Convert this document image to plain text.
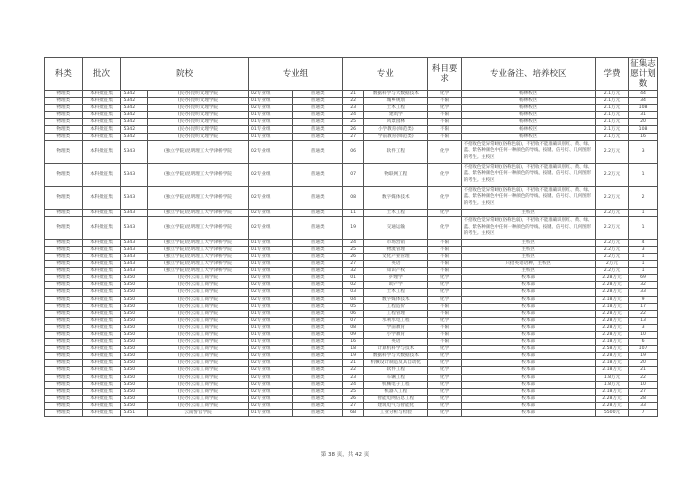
科类	批次	院校		专业组		专业		科目要求	专业备注、培养校区	学费	征集志愿计划数
物理类	本科批征集	5342	(民办)昆明文理学院	02专业组	普通类	21	数据科学与大数据技术	化学	杨林校区	2.1万元	44
物理类	本科批征集	5342	(民办)昆明文理学院	01专业组	普通类	22	城乡规划	不限	杨林校区	2.1万元	34
物理类	本科批征集	5342	(民办)昆明文理学院	02专业组	普通类	23	土木工程	化学	杨林校区	2.1万元	108
物理类	本科批征集	5342	(民办)昆明文理学院	01专业组	普通类	24	建筑学	不限	杨林校区	2.1万元	31
物理类	本科批征集	5342	(民办)昆明文理学院	01专业组	普通类	25	风景园林	不限	杨林校区	2.1万元	20
物理类	本科批征集	5342	(民办)昆明文理学院	01专业组	普通类	26	小学教育(师范类)	不限	杨林校区	2.1万元	108
物理类	本科批征集	5342	(民办)昆明文理学院	01专业组	普通类	27	学前教育(师范类)	不限	杨林校区	2.1万元	16
物理类	本科批征集	5343	(独立学院)昆明理工大学津桥学院	02专业组	普通类	06	软件工程	化学	不招收色觉异常Ⅱ度(俗称色弱)，不招收不能准确识别红、黄、绿、蓝、紫各种颜色中任何一种颜色的导线、按键、信号灯、几何图形的考生。主校区	2.2万元	3
物理类	本科批征集	5343	(独立学院)昆明理工大学津桥学院	02专业组	普通类	07	物联网工程	化学	不招收色觉异常Ⅱ度(俗称色弱)，不招收不能准确识别红、黄、绿、蓝、紫各种颜色中任何一种颜色的导线、按键、信号灯、几何图形的考生。主校区	2.2万元	1
物理类	本科批征集	5343	(独立学院)昆明理工大学津桥学院	02专业组	普通类	08	数字媒体技术	化学	不招收色觉异常Ⅱ度(俗称色弱)，不招收不能准确识别红、黄、绿、蓝、紫各种颜色中任何一种颜色的导线、按键、信号灯、几何图形的考生。主校区	2.2万元	2
物理类	本科批征集	5343	(独立学院)昆明理工大学津桥学院	02专业组	普通类	11	土木工程	化学	主校区	2.2万元	1
物理类	本科批征集	5343	(独立学院)昆明理工大学津桥学院	02专业组	普通类	19	交通运输	化学	不招收色觉异常Ⅱ度(俗称色弱)，不招收不能准确识别红、黄、绿、蓝、紫各种颜色中任何一种颜色的导线、按键、信号灯、几何图形的考生。主校区	2.2万元	1
物理类	本科批征集	5343	(独立学院)昆明理工大学津桥学院	01专业组	普通类	24	市场营销	不限	主校区	2.2万元	4
物理类	本科批征集	5343	(独立学院)昆明理工大学津桥学院	01专业组	普通类	25	物流管理	不限	主校区	2.2万元	3
物理类	本科批征集	5343	(独立学院)昆明理工大学津桥学院	01专业组	普通类	26	文化产业管理	不限	主校区	2.2万元	1
物理类	本科批征集	5343	(独立学院)昆明理工大学津桥学院	01专业组	普通类	27	英语	不限	只招英语语种，主校区	2万元	1
物理类	本科批征集	5343	(独立学院)昆明理工大学津桥学院	01专业组	普通类	32	知识产权	不限	主校区	2.2万元	1
物理类	本科批征集	5350	(民办)云南工商学院	02专业组	普通类	01	护理学	化学	校本部	2.28万元	69
物理类	本科批征集	5350	(民办)云南工商学院	02专业组	普通类	02	助产学	化学	校本部	2.28万元	32
物理类	本科批征集	5350	(民办)云南工商学院	02专业组	普通类	03	土木工程	化学	校本部	2.28万元	33
物理类	本科批征集	5350	(民办)云南工商学院	02专业组	普通类	04	数字媒体技术	化学	校本部	2.18万元	9
物理类	本科批征集	5350	(民办)云南工商学院	01专业组	普通类	05	工程造价	不限	校本部	2.18万元	17
物理类	本科批征集	5350	(民办)云南工商学院	01专业组	普通类	06	工程管理	不限	校本部	2.28万元	22
物理类	本科批征集	5350	(民办)云南工商学院	02专业组	普通类	07	水利水电工程	化学	校本部	2.28万元	13
物理类	本科批征集	5350	(民办)云南工商学院	01专业组	普通类	08	学前教育	不限	校本部	2.28万元	3
物理类	本科批征集	5350	(民办)云南工商学院	01专业组	普通类	09	小学教育	不限	校本部	2.28万元	10
物理类	本科批征集	5350	(民办)云南工商学院	01专业组	普通类	16	英语	不限	校本部	2.18万元	6
物理类	本科批征集	5350	(民办)云南工商学院	02专业组	普通类	18	计算机科学与技术	化学	校本部	2.58万元	107
物理类	本科批征集	5350	(民办)云南工商学院	02专业组	普通类	19	数据科学与大数据技术	化学	校本部	2.28万元	19
物理类	本科批征集	5350	(民办)云南工商学院	02专业组	普通类	21	机械设计制造及其自动化	化学	校本部	2.18万元	20
物理类	本科批征集	5350	(民办)云南工商学院	02专业组	普通类	22	软件工程	化学	校本部	2.18万元	21
物理类	本科批征集	5350	(民办)云南工商学院	02专业组	普通类	23	车辆工程	化学	校本部	1.8万元	22
物理类	本科批征集	5350	(民办)云南工商学院	02专业组	普通类	24	机械电子工程	化学	校本部	1.8万元	10
物理类	本科批征集	5350	(民办)云南工商学院	02专业组	普通类	25	机器人工程	化学	校本部	2.18万元	27
物理类	本科批征集	5350	(民办)云南工商学院	02专业组	普通类	26	智能电网信息工程	化学	校本部	2.28万元	28
物理类	本科批征集	5350	(民办)云南工商学院	02专业组	普通类	27	建筑电气与智能化	化学	校本部	2.28万元	33
物理类	本科批征集	5351	云南警官学院	01专业组	普通类	6B	工业分析与检验	化学	校本部	5500元	7
第 38 页，共 42 页
